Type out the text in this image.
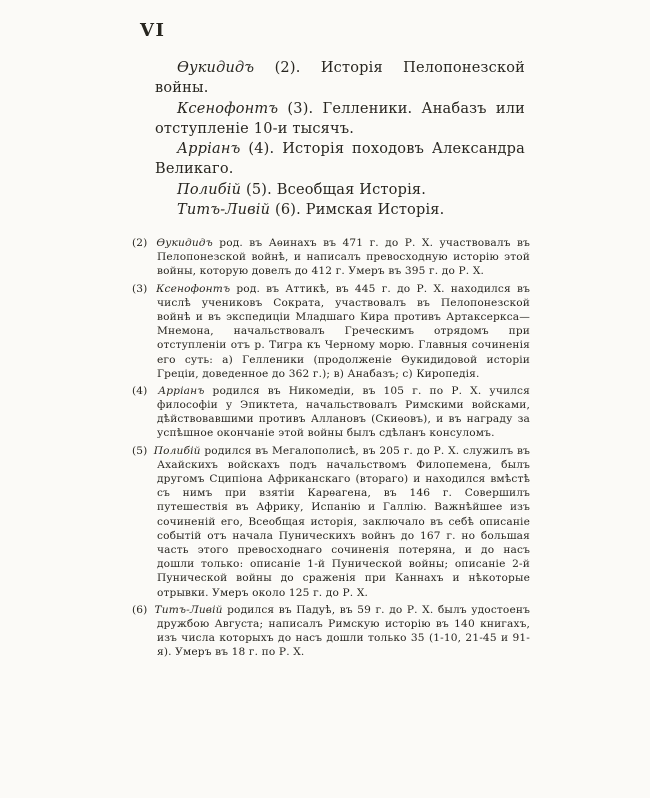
VI

Ѳукидидъ (2). Исторія Пелопонезской войны.

Ксенофонтъ (3). Гелленики. Анабазъ или отступленіе 10-и тысячъ.

Арріанъ (4). Исторія походовъ Александра Великаго.

Полибій (5). Всеобщая Исторія.

Титъ-Ливій (6). Римская Исторія.

(2) Ѳукидидъ род. въ Аѳинахъ въ 471 г. до Р. Х. участвовалъ въ Пелопонезской войнѣ, и написалъ превосходную исторію этой войны, которую довелъ до 412 г. Умеръ въ 395 г. до Р. Х.

(3) Ксенофонтъ род. въ Аттикѣ, въ 445 г. до Р. Х. находился въ числѣ учениковъ Сократа, участвовалъ въ Пелопонезской войнѣ и въ экспедиціи Младшаго Кира противъ Артаксеркса—Мнемона, начальствовалъ Греческимъ отрядомъ при отступленіи отъ р. Тигра къ Черному морю. Главныя сочиненія его суть: а) Гелленики (продолженіе Ѳукидидовой исторіи Греціи, доведенное до 362 г.); в) Анабазъ; с) Киропедія.

(4) Арріанъ родился въ Никомедіи, въ 105 г. по Р. Х. учился философіи у Эпиктета, начальствовалъ Римскими войсками, дѣйствовавшими противъ Аллановъ (Скиѳовъ), и въ награду за успѣшное окончаніе этой войны былъ сдѣланъ консуломъ.

(5) Полибій родился въ Мегалополисѣ, въ 205 г. до Р. Х. служилъ въ Ахайскихъ войскахъ подъ начальствомъ Филопемена, былъ другомъ Сципіона Африканскаго (втораго) и находился вмѣстѣ съ нимъ при взятіи Карѳагена, въ 146 г. Совершилъ путешествія въ Африку, Испанію и Галлію. Важнѣйшее изъ сочиненій его, Всеобщая исторія, заключало въ себѣ описаніе событій отъ начала Пуническихъ войнъ до 167 г. но большая часть этого превосходнаго сочиненія потеряна, и до насъ дошли только: описаніе 1-й Пунической войны; описаніе 2-й Пунической войны до сраженія при Каннахъ и нѣкоторые отрывки. Умеръ около 125 г. до Р. Х.

(6) Титъ-Ливій родился въ Падуѣ, въ 59 г. до Р. Х. былъ удостоенъ дружбою Августа; написалъ Римскую исторію въ 140 книгахъ, изъ числа которыхъ до насъ дошли только 35 (1-10, 21-45 и 91-я). Умеръ въ 18 г. по Р. Х.
